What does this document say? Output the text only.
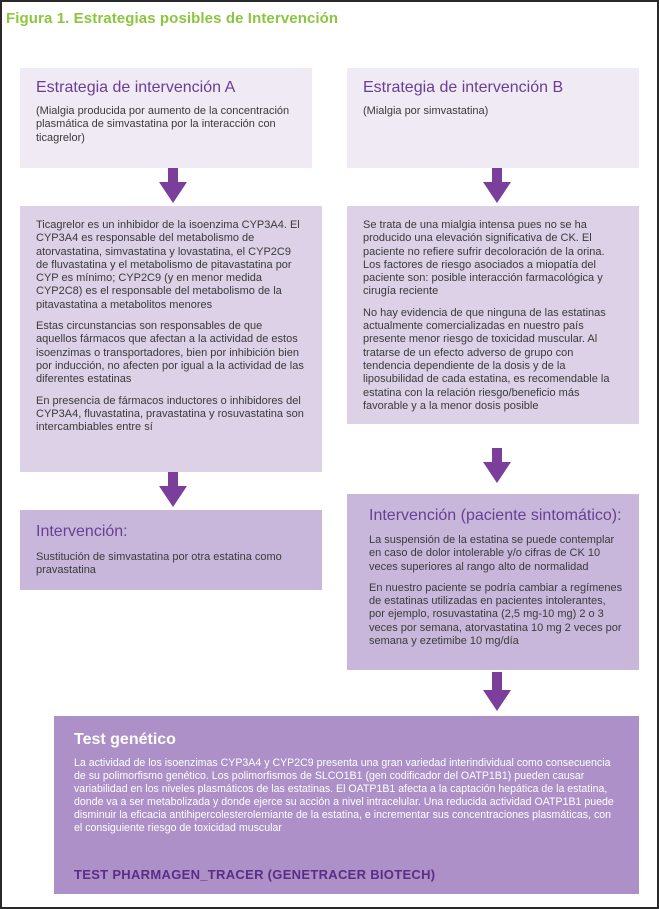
Figura 1. Estrategias posibles de Intervención

Estrategia de intervención A

(Mialgia producida por aumento de la concentración plasmática de simvastatina por la interacción con ticagrelor)

Estrategia de intervención B

(Mialgia por simvastatina)

Ticagrelor es un inhibidor de la isoenzima CYP3A4. El CYP3A4 es responsable del metabolismo de atorvastatina, simvastatina y lovastatina, el CYP2C9 de fluvastatina y el metabolismo de pitavastatina por CYP es mínimo; CYP2C9 (y en menor medida CYP2C8) es el responsable del metabolismo de la pitavastatina a metabolitos menores

Estas circunstancias son responsables de que aquellos fármacos que afectan a la actividad de estos isoenzimas o transportadores, bien por inhibición bien por inducción, no afecten por igual a la actividad de las diferentes estatinas

En presencia de fármacos inductores o inhibidores del CYP3A4, fluvastatina, pravastatina y rosuvastatina son intercambiables entre sí

Se trata de una mialgia intensa pues no se ha producido una elevación significativa de CK. El paciente no refiere sufrir decoloración de la orina. Los factores de riesgo asociados a miopatía del paciente son: posible interacción farmacológica y cirugía reciente

No hay evidencia de que ninguna de las estatinas actualmente comercializadas en nuestro país presente menor riesgo de toxicidad muscular. Al tratarse de un efecto adverso de grupo con tendencia dependiente de la dosis y de la liposubilidad de cada estatina, es recomendable la estatina con la relación riesgo/beneficio más favorable y a la menor dosis posible

Intervención:

Sustitución de simvastatina por otra estatina como pravastatina

Intervención (paciente sintomático):

La suspensión de la estatina se puede contemplar en caso de dolor intolerable y/o cifras de CK 10 veces superiores al rango alto de normalidad

En nuestro paciente se podría cambiar a regímenes de estatinas utilizadas en pacientes intolerantes, por ejemplo, rosuvastatina (2,5 mg-10 mg) 2 o 3 veces por semana, atorvastatina 10 mg 2 veces por semana y ezetimibe 10 mg/día

Test genético

La actividad de los isoenzimas CYP3A4 y CYP2C9 presenta una gran variedad interindividual como consecuencia de su polimorfismo genético. Los polimorfismos de SLCO1B1 (gen codificador del OATP1B1) pueden causar variabilidad en los niveles plasmáticos de las estatinas. El OATP1B1 afecta a la captación hepática de la estatina, donde va a ser metabolizada y donde ejerce su acción a nivel intracelular. Una reducida actividad OATP1B1 puede disminuir la eficacia antihipercolesterolemiante de la estatina, e incrementar sus concentraciones plasmáticas, con el consiguiente riesgo de toxicidad muscular

TEST PHARMAGEN_TRACER (GENETRACER BIOTECH)
